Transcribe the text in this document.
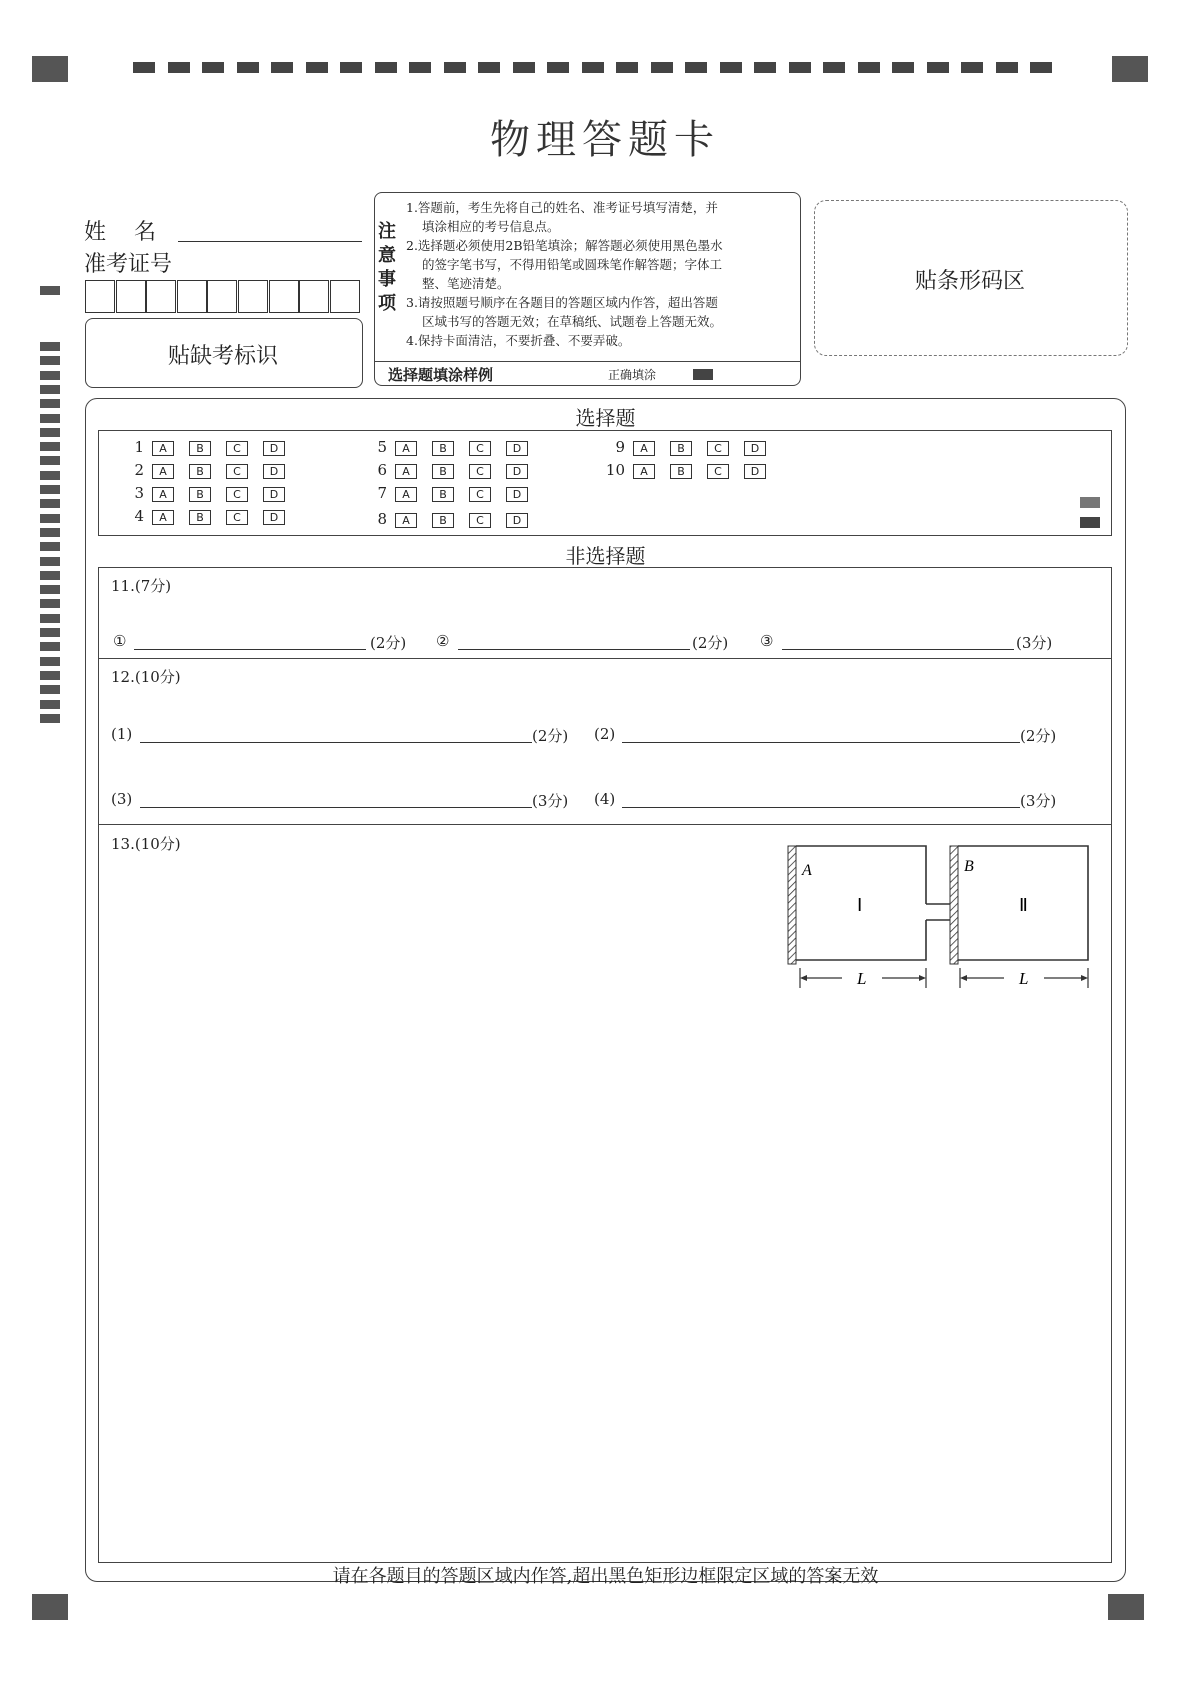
物理答题卡
姓    名
准考证号
贴缺考标识
注
意
事
项

1.答题前，考生先将自己的姓名、准考证号填写清楚，并

填涂相应的考号信息点。

2.选择题必须使用2B铅笔填涂；解答题必须使用黑色墨水

的签字笔书写，不得用铅笔或圆珠笔作解答题；字体工

整、笔迹清楚。

3.请按照题号顺序在各题目的答题区域内作答，超出答题

区域书写的答题无效；在草稿纸、试题卷上答题无效。

4.保持卡面清洁，不要折叠、不要弄破。

选择题填涂样例	正确填涂
贴条形码区
选择题
1 A	B	C	D
2 A	B	C	D
3 A	B	C	D
4 A	B	C	D
5 A	B	C	D
6 A	B	C	D
7 A	B	C	D
8 A	B	C	D
9 A	B	C	D
10 A	B	C	D
非选择题
11.(7分)
①	(2分) ②	(2分) ③	(3分)
12.(10分)
(1)	(2分) (2)	(2分)
(3)	(3分) (4)	(3分)
13.(10分)
A	B
Ⅰ	Ⅱ
L	L
请在各题目的答题区域内作答,超出黑色矩形边框限定区域的答案无效
